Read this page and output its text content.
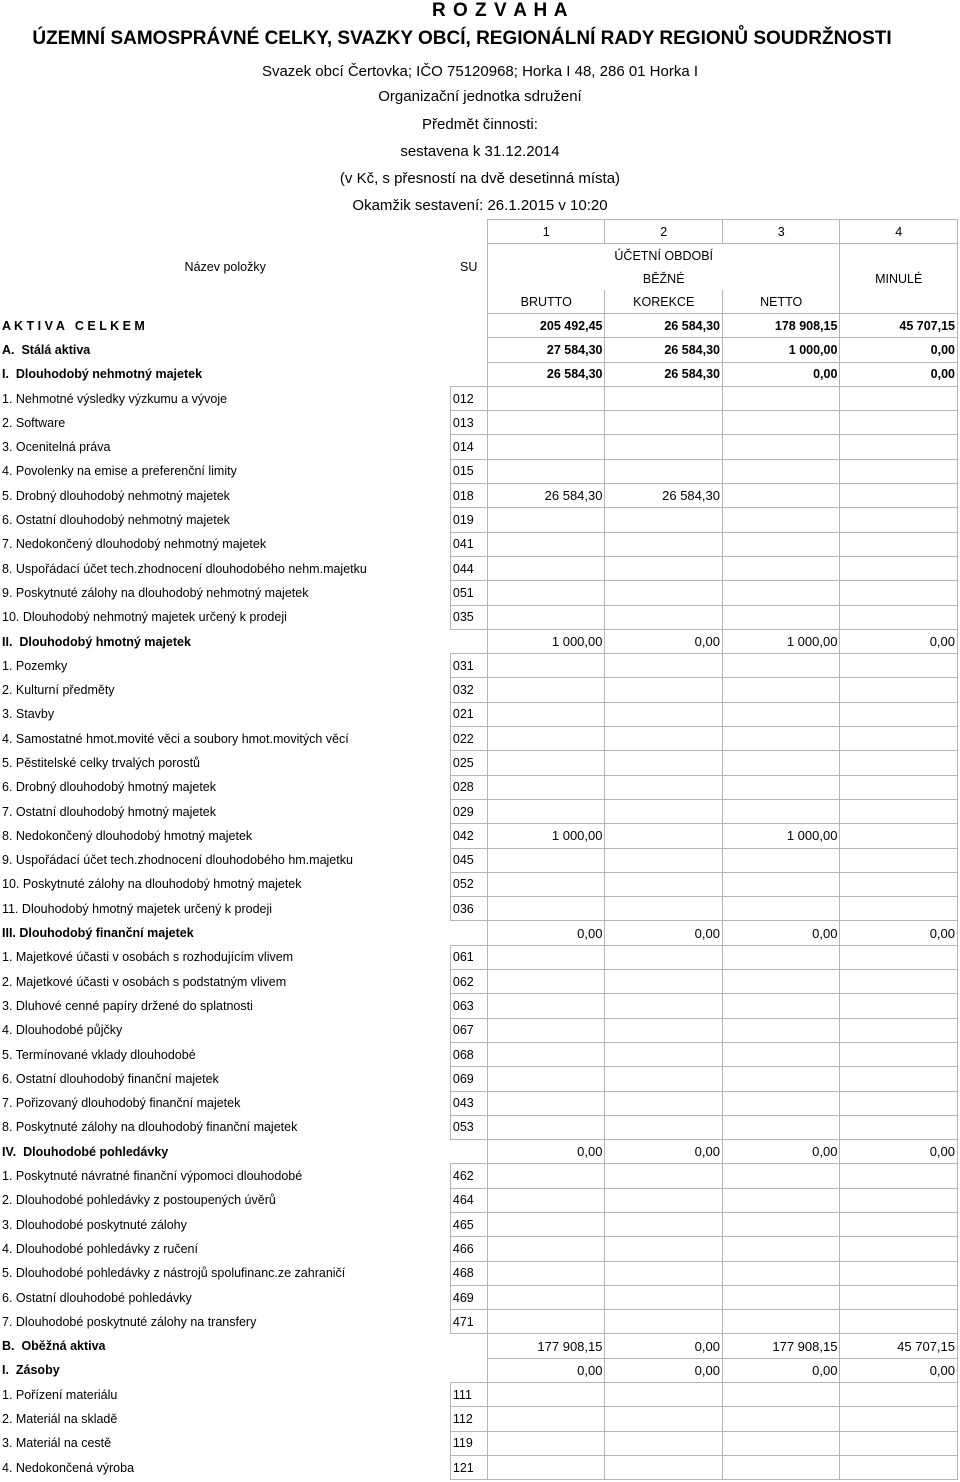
R O Z V A H A
ÚZEMNÍ SAMOSPRÁVNÉ CELKY, SVAZKY OBCÍ, REGIONÁLNÍ RADY REGIONŮ SOUDRŽNOSTI
Svazek obcí Čertovka; IČO 75120968; Horka I 48, 286 01 Horka I
Organizační jednotka sdružení
Předmět činnosti:
sestavena k 31.12.2014
(v Kč, s přesností na dvě desetinná místa)
Okamžik sestavení: 26.1.2015 v 10:20
Název položky	SU	1	2	3	4
		ÚČETNÍ OBDOBÍ			MINULÉ
		BĚŽNÉ			
		BRUTTO	KOREKCE	NETTO	
A K T I V A   C E L K E M		205 492,45	26 584,30	178 908,15	45 707,15
A.  Stálá aktiva		27 584,30	26 584,30	1 000,00	0,00
I.  Dlouhodobý nehmotný majetek		26 584,30	26 584,30	0,00	0,00
1. Nehmotné výsledky výzkumu a vývoje	012				
2. Software	013				
3. Ocenitelná práva	014				
4. Povolenky na emise a preferenční limity	015				
5. Drobný dlouhodobý nehmotný majetek	018	26 584,30	26 584,30		
6. Ostatní dlouhodobý nehmotný majetek	019				
7. Nedokončený dlouhodobý nehmotný majetek	041				
8. Uspořádací účet tech.zhodnocení dlouhodobého nehm.majetku	044				
9. Poskytnuté zálohy na dlouhodobý nehmotný majetek	051				
10. Dlouhodobý nehmotný majetek určený k prodeji	035				
II.  Dlouhodobý hmotný majetek		1 000,00	0,00	1 000,00	0,00
1. Pozemky	031				
2. Kulturní předměty	032				
3. Stavby	021				
4. Samostatné hmot.movité věci a soubory hmot.movitých věcí	022				
5. Pěstitelské celky trvalých porostů	025				
6. Drobný dlouhodobý hmotný majetek	028				
7. Ostatní dlouhodobý hmotný majetek	029				
8. Nedokončený dlouhodobý hmotný majetek	042	1 000,00		1 000,00	
9. Uspořádací účet tech.zhodnocení dlouhodobého hm.majetku	045				
10. Poskytnuté zálohy na dlouhodobý hmotný majetek	052				
11. Dlouhodobý hmotný majetek určený k prodeji	036				
III. Dlouhodobý finanční majetek		0,00	0,00	0,00	0,00
1. Majetkové účasti v osobách s rozhodujícím vlivem	061				
2. Majetkové účasti v osobách s podstatným vlivem	062				
3. Dluhové cenné papíry držené do splatnosti	063				
4. Dlouhodobé půjčky	067				
5. Termínované vklady dlouhodobé	068				
6. Ostatní dlouhodobý finanční majetek	069				
7. Pořizovaný dlouhodobý finanční majetek	043				
8. Poskytnuté zálohy na dlouhodobý finanční majetek	053				
IV.  Dlouhodobé pohledávky		0,00	0,00	0,00	0,00
1. Poskytnuté návratné finanční výpomoci dlouhodobé	462				
2. Dlouhodobé pohledávky z postoupených úvěrů	464				
3. Dlouhodobé poskytnuté zálohy	465				
4. Dlouhodobé pohledávky z ručení	466				
5. Dlouhodobé pohledávky z nástrojů spolufinanc.ze zahraničí	468				
6. Ostatní dlouhodobé pohledávky	469				
7. Dlouhodobé poskytnuté zálohy na transfery	471				
B.  Oběžná aktiva		177 908,15	0,00	177 908,15	45 707,15
I.  Zásoby		0,00	0,00	0,00	0,00
1. Pořízení materiálu	111				
2. Materiál na skladě	112				
3. Materiál na cestě	119				
4. Nedokončená výroba	121				
